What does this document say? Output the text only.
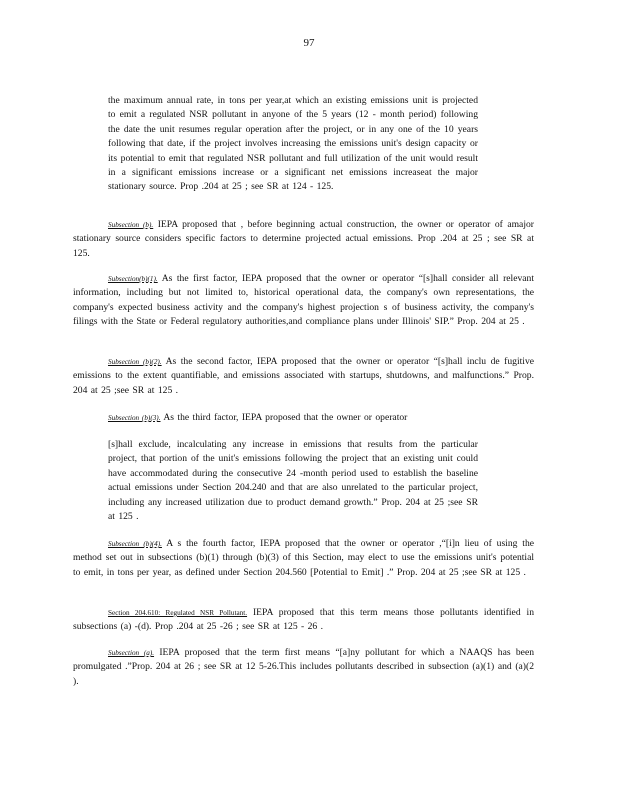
97

the maximum annual rate, in tons per year,at which an existing emissions unit is projected to emit a regulated NSR pollutant in anyone of the 5 years (12 - month period) following the date the unit resumes regular operation after the project, or in any one of the 10 years following that date, if the project involves increasing the emissions unit's design capacity or its potential to emit that regulated NSR pollutant and full utilization of the unit would result in a significant emissions increase or a significant net emissions increaseat the major stationary source. Prop .204 at 25 ; see SR at 124 - 125.

Subsection (b). IEPA proposed that , before beginning actual construction, the owner or operator of amajor stationary source considers specific factors to determine projected actual emissions. Prop .204 at 25 ; see SR at 125.

Subsection(b)(1). As the first factor, IEPA proposed that the owner or operator “[s]hall consider all relevant information, including but not limited to, historical operational data, the company's own representations, the company's expected business activity and the company's highest projection s of business activity, the company's filings with the State or Federal regulatory authorities,and compliance plans under Illinois' SIP.” Prop. 204 at 25 .

Subsection (b)(2). As the second factor, IEPA proposed that the owner or operator “[s]hall inclu de fugitive emissions to the extent quantifiable, and emissions associated with startups, shutdowns, and malfunctions.” Prop. 204 at 25 ;see SR at 125 .

Subsection (b)(3). As the third factor, IEPA proposed that the owner or operator

[s]hall exclude, incalculating any increase in emissions that results from the particular project, that portion of the unit's emissions following the project that an existing unit could have accommodated during the consecutive 24 -month period used to establish the baseline actual emissions under Section 204.240 and that are also unrelated to the particular project, including any increased utilization due to product demand growth.” Prop. 204 at 25 ;see SR at 125 .

Subsection (b)(4). A s the fourth factor, IEPA proposed that the owner or operator ,“[i]n lieu of using the method set out in subsections (b)(1) through (b)(3) of this Section, may elect to use the emissions unit's potential to emit, in tons per year, as defined under Section 204.560 [Potential to Emit] .” Prop. 204 at 25 ;see SR at 125 .

Section 204.610: Regulated NSR Pollutant. IEPA proposed that this term means those pollutants identified in subsections (a) -(d). Prop .204 at 25 -26 ; see SR at 125 - 26 .

Subsection (a). IEPA proposed that the term first means “[a]ny pollutant for which a NAAQS has been promulgated .”Prop. 204 at 26 ; see SR at 12 5-26.This includes pollutants described in subsection (a)(1) and (a)(2 ).
